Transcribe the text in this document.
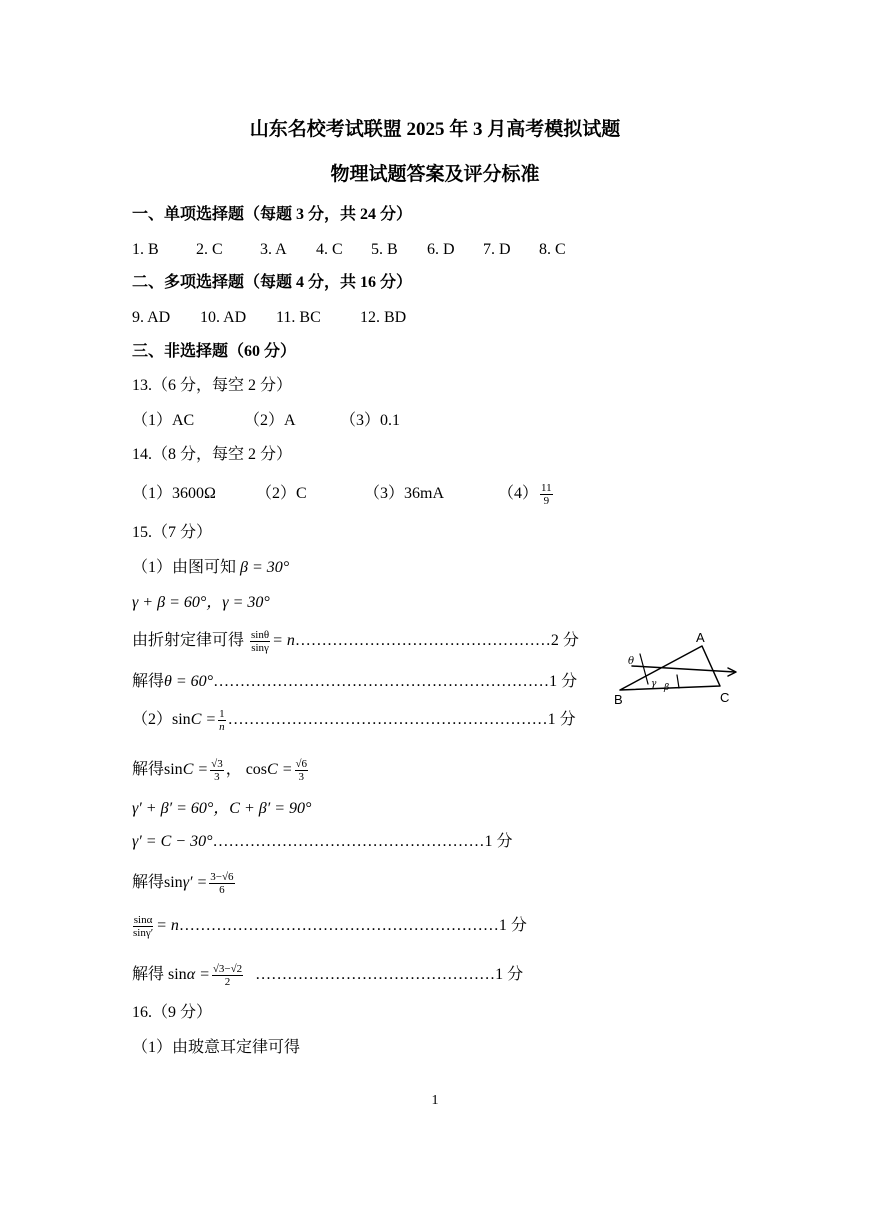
山东名校考试联盟 2025 年 3 月高考模拟试题
物理试题答案及评分标准
一、单项选择题（每题 3 分，共 24 分）
1. B 2. C 3. A 4. C 5. B 6. D 7. D 8. C
二、多项选择题（每题 4 分，共 16 分）
9. AD 10. AD 11. BC 12. BD
三、非选择题（60 分）
13.（6 分，每空 2 分）
（1）AC	（2）A	（3）0.1
14.（8 分，每空 2 分）
（1）3600Ω	（2）C	（3）36mA	$(4) \frac{11}{9}$
15.（7 分）
（1）由图可知 β = 30°
γ + β = 60°，γ = 30°
由折射定律可得 $\frac{\sin\theta}{\sin\gamma}$ = n…………………………………………2 分
解得θ = 60°………………………………………………………1 分
$(2)\sin C = \frac{1}{n}$ ……………………………………………………1 分
解得$\sin C = \frac{√3}{3}$ ， $\cos C = \frac{√6}{3}$
γ′ + β′ = 60°，C + β′ = 90°
γ′ = C − 30°……………………………………………1 分
解得$\sin\gamma' = \frac{3-√6}{6}$
$\frac{\sin\alpha}{\sin\gamma'}$ = n……………………………………………………1 分
解得 $\sin\alpha = \frac{√3-√2}{2}$ ………………………………………1 分
16.（9 分）
（1）由玻意耳定律可得
A
B	C
θ
γ β
1
